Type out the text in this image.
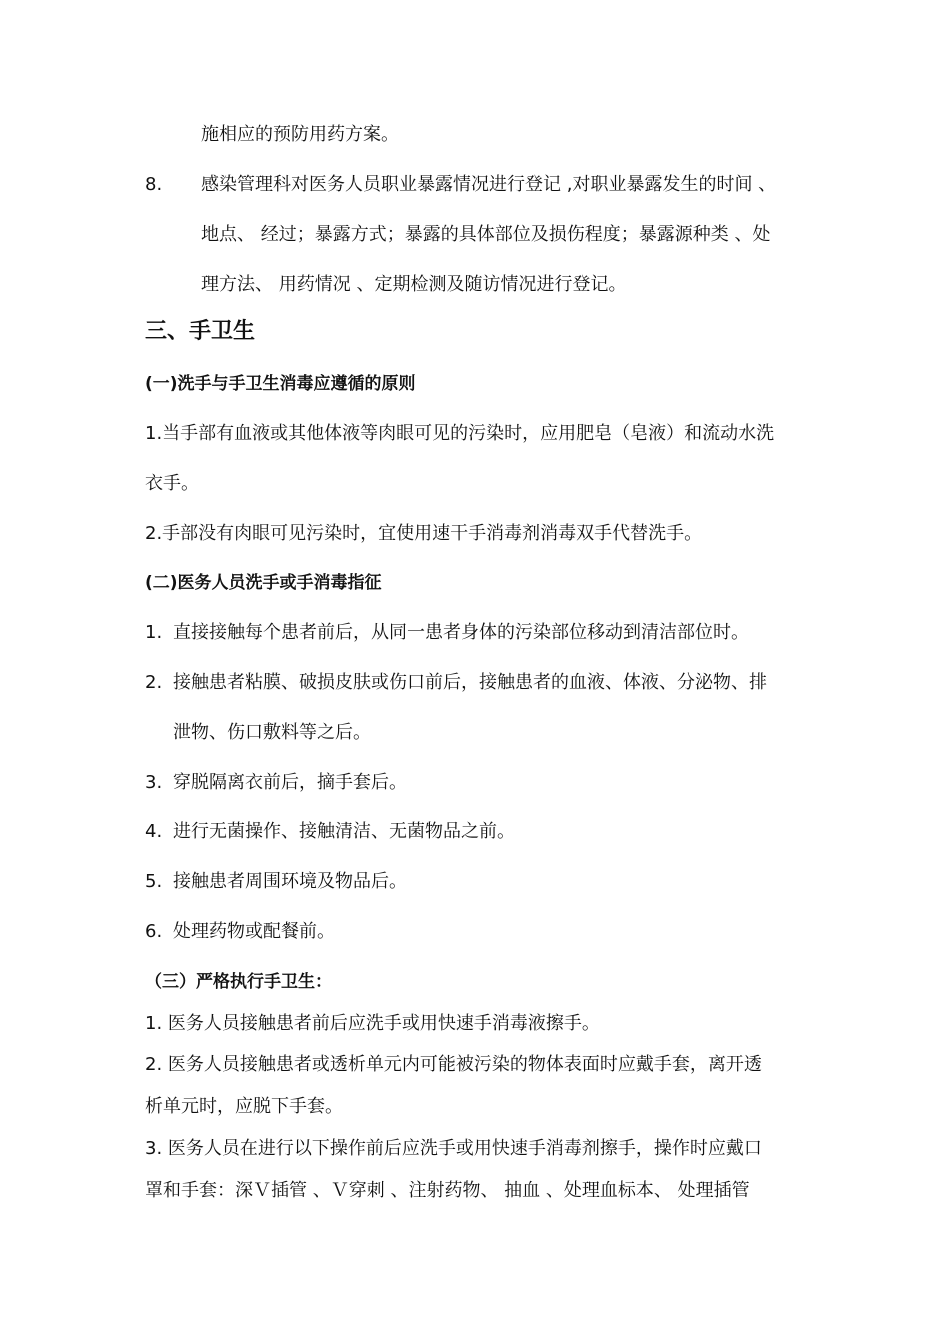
施相应的预防用药方案。
8. 感染管理科对医务人员职业暴露情况进行登记 ,对职业暴露发生的时间 、
地点、 经过；暴露方式；暴露的具体部位及损伤程度；暴露源种类 、处
理方法、 用药情况 、定期检测及随访情况进行登记。
三、手卫生
(一)洗手与手卫生消毒应遵循的原则
1.当手部有血液或其他体液等肉眼可见的污染时，应用肥皂（皂液）和流动水洗
衣手。
2.手部没有肉眼可见污染时，宜使用速干手消毒剂消毒双手代替洗手。
(二)医务人员洗手或手消毒指征
1. 直接接触每个患者前后，从同一患者身体的污染部位移动到清洁部位时。
2. 接触患者粘膜、破损皮肤或伤口前后，接触患者的血液、体液、分泌物、排
泄物、伤口敷料等之后。
3. 穿脱隔离衣前后，摘手套后。
4. 进行无菌操作、接触清洁、无菌物品之前。
5. 接触患者周围环境及物品后。
6. 处理药物或配餐前。
（三）严格执行手卫生：
1. 医务人员接触患者前后应洗手或用快速手消毒液擦手。
2. 医务人员接触患者或透析单元内可能被污染的物体表面时应戴手套，离开透
析单元时，应脱下手套。
3. 医务人员在进行以下操作前后应洗手或用快速手消毒剂擦手，操作时应戴口
罩和手套：深Ｖ插管 、Ｖ穿刺 、注射药物、 抽血 、处理血标本、 处理插管
